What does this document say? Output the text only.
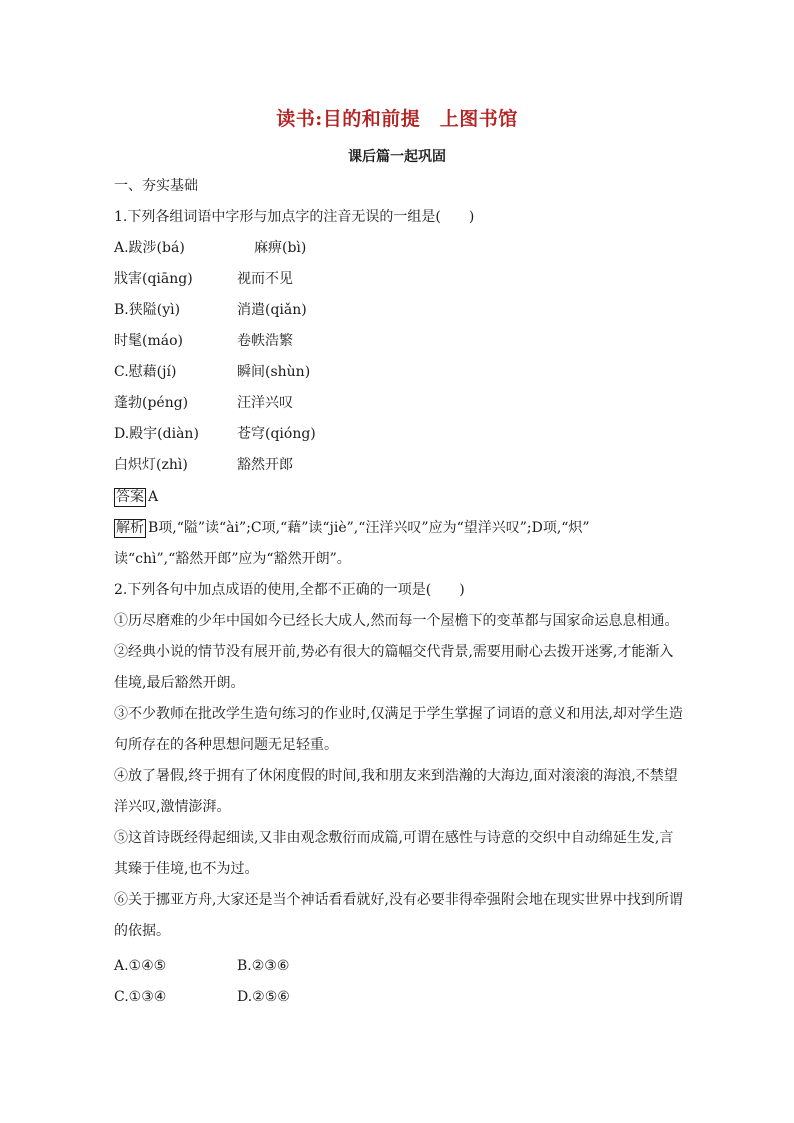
读书:目的和前提　上图书馆
课后篇一起巩固
一、夯实基础
1.下列各组词语中字形与加点字的注音无误的一组是(　　)
A.跋涉(bá)	麻痹(bì)
戕害(qiāng)	视而不见
B.狭隘(yì)	消遣(qiǎn)
时髦(máo)	卷帙浩繁
C.慰藉(jí)	瞬间(shùn)
蓬勃(péng)	汪洋兴叹
D.殿宇(diàn)	苍穹(qióng)
白炽灯(zhì)	豁然开郎
答案 A
解析 B项,“隘”读“ài”;C项,“藉”读“jiè”,“汪洋兴叹”应为“望洋兴叹”;D项,“炽”
读“chì”,“豁然开郎”应为“豁然开朗”。
2.下列各句中加点成语的使用,全都不正确的一项是(　　)
①历尽磨难的少年中国如今已经长大成人,然而每一个屋檐下的变革都与国家命运息息相通。
②经典小说的情节没有展开前,势必有很大的篇幅交代背景,需要用耐心去拨开迷雾,才能渐入佳境,最后豁然开朗。
③不少教师在批改学生造句练习的作业时,仅满足于学生掌握了词语的意义和用法,却对学生造句所存在的各种思想问题无足轻重。
④放了暑假,终于拥有了休闲度假的时间,我和朋友来到浩瀚的大海边,面对滚滚的海浪,不禁望洋兴叹,激情澎湃。
⑤这首诗既经得起细读,又非由观念敷衍而成篇,可谓在感性与诗意的交织中自动绵延生发,言其臻于佳境,也不为过。
⑥关于挪亚方舟,大家还是当个神话看看就好,没有必要非得牵强附会地在现实世界中找到所谓的依据。
A.①④⑤	B.②③⑥
C.①③④	D.②⑤⑥
